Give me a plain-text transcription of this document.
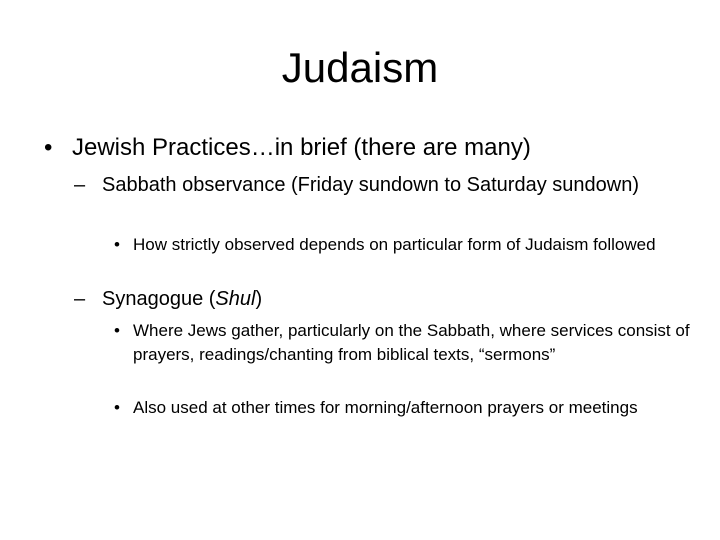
Judaism
• Jewish Practices…in brief (there are many)
– Sabbath observance (Friday sundown to Saturday sundown)
• How strictly observed depends on particular form of Judaism followed
– Synagogue (Shul)
• Where Jews gather, particularly on the Sabbath, where services consist of prayers, readings/chanting from biblical texts, “sermons”
• Also used at other times for morning/afternoon prayers or meetings
